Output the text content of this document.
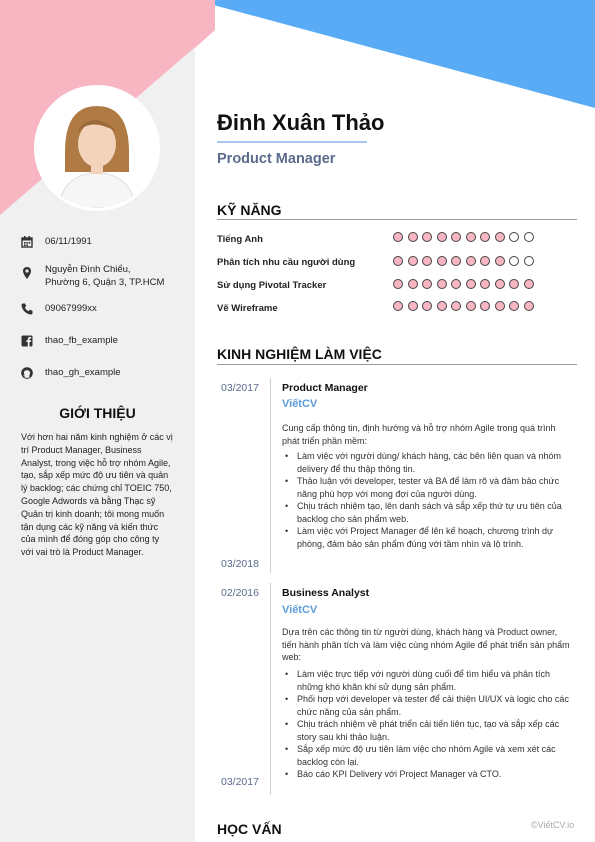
06/11/1991
Nguyễn Đình Chiểu,
Phường 6, Quận 3, TP.HCM
09067999xx
thao_fb_example
thao_gh_example
GIỚI THIỆU
Với hơn hai năm kinh nghiệm ở các vị trí Product Manager, Business Analyst, trong việc hỗ trợ nhóm Agile, tạo, sắp xếp mức độ ưu tiên và quản lý backlog; các chứng chỉ TOEIC 750, Google Adwords và bằng Thạc sỹ Quản trị kinh doanh; tôi mong muốn tận dụng các kỹ năng và kiến thức của mình để đóng góp cho công ty với vai trò là Product Manager.
Đinh Xuân Thảo
Product Manager
KỸ NĂNG
Tiếng Anh
Phân tích nhu cầu người dùng
Sử dụng Pivotal Tracker
Vẽ Wireframe
KINH NGHIỆM LÀM VIỆC
03/2017
03/2018
Product Manager
ViếtCV
Cung cấp thông tin, định hướng và hỗ trợ nhóm Agile trong quá trình phát triển phần mềm:
• Làm việc với người dùng/ khách hàng, các bên liên quan và nhóm delivery để thu thập thông tin.
• Thảo luận với developer, tester và BA để làm rõ và đảm bảo chức năng phù hợp với mong đợi của người dùng.
• Chịu trách nhiệm tạo, lên danh sách và sắp xếp thứ tự ưu tiên của backlog cho sản phẩm web.
• Làm việc với Project Manager để lên kế hoạch, chương trình dự phòng, đảm bảo sản phẩm đúng với tầm nhìn và lộ trình.
02/2016
03/2017
Business Analyst
ViếtCV
Dựa trên các thông tin từ người dùng, khách hàng và Product owner, tiến hành phân tích và làm việc cùng nhóm Agile để phát triển sản phẩm web:
• Làm việc trực tiếp với người dùng cuối để tìm hiểu và phân tích những khó khăn khi sử dụng sản phẩm.
• Phối hợp với developer và tester để cải thiện UI/UX và logic cho các chức năng của sản phẩm.
• Chịu trách nhiệm về phát triển cải tiến liên tục, tạo và sắp xếp các story sau khi thảo luận.
• Sắp xếp mức độ ưu tiên làm việc cho nhóm Agile và xem xét các backlog còn lại.
• Báo cáo KPI Delivery với Project Manager và CTO.
HỌC VẤN	©ViếtCV.io
